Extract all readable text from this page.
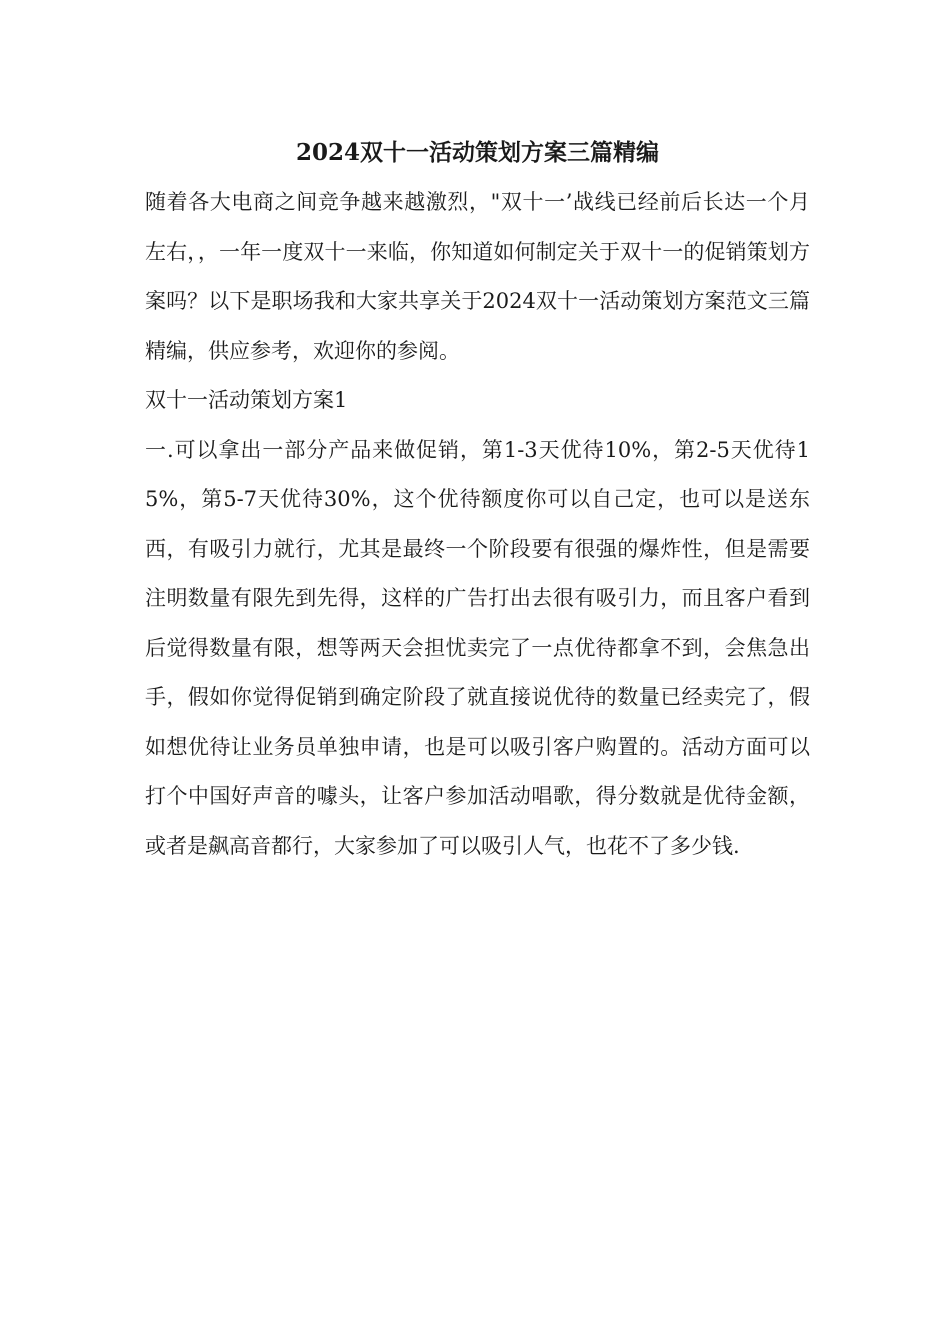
2024双十一活动策划方案三篇精编

随着各大电商之间竞争越来越激烈，"双十一’战线已经前后长达一个月左右，，一年一度双十一来临，你知道如何制定关于双十一的促销策划方案吗？以下是职场我和大家共享关于2024双十一活动策划方案范文三篇精编，供应参考，欢迎你的参阅。

双十一活动策划方案1

一.可以拿出一部分产品来做促销，第1-3天优待10%，第2-5天优待15%，第5-7天优待30%，这个优待额度你可以自己定，也可以是送东西，有吸引力就行，尤其是最终一个阶段要有很强的爆炸性，但是需要注明数量有限先到先得，这样的广告打出去很有吸引力，而且客户看到后觉得数量有限，想等两天会担忧卖完了一点优待都拿不到，会焦急出手，假如你觉得促销到确定阶段了就直接说优待的数量已经卖完了，假如想优待让业务员单独申请，也是可以吸引客户购置的。活动方面可以打个中国好声音的噱头，让客户参加活动唱歌，得分数就是优待金额，或者是飙高音都行，大家参加了可以吸引人气，也花不了多少钱.
